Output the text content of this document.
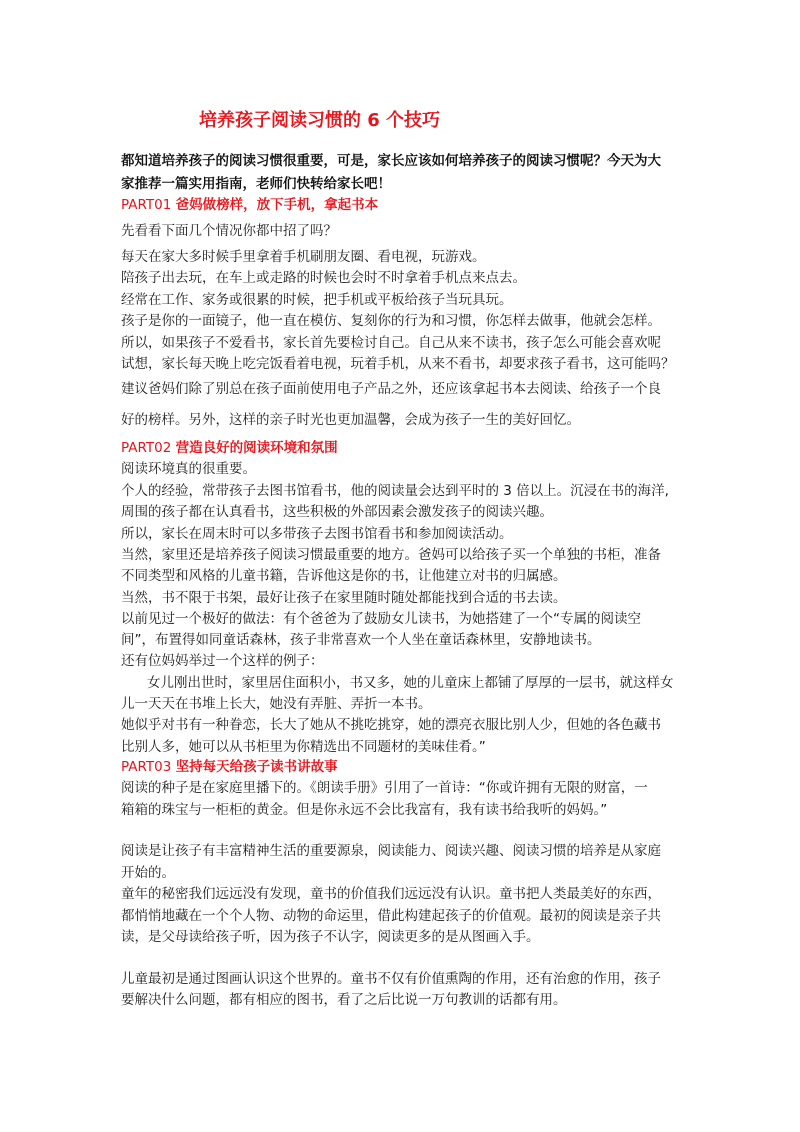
培养孩子阅读习惯的 6 个技巧
都知道培养孩子的阅读习惯很重要，可是，家长应该如何培养孩子的阅读习惯呢？今天为大
家推荐一篇实用指南，老师们快转给家长吧！
PART01 爸妈做榜样，放下手机，拿起书本
先看看下面几个情况你都中招了吗？
每天在家大多时候手里拿着手机刷朋友圈、看电视，玩游戏。
陪孩子出去玩，在车上或走路的时候也会时不时拿着手机点来点去。
经常在工作、家务或很累的时候，把手机或平板给孩子当玩具玩。
孩子是你的一面镜子，他一直在模仿、复刻你的行为和习惯，你怎样去做事，他就会怎样。
所以，如果孩子不爱看书，家长首先要检讨自己。自己从来不读书，孩子怎么可能会喜欢呢
试想，家长每天晚上吃完饭看着电视，玩着手机，从来不看书，却要求孩子看书，这可能吗？
建议爸妈们除了别总在孩子面前使用电子产品之外，还应该拿起书本去阅读、给孩子一个良
好的榜样。另外，这样的亲子时光也更加温馨，会成为孩子一生的美好回忆。
PART02 营造良好的阅读环境和氛围
阅读环境真的很重要。
个人的经验，常带孩子去图书馆看书，他的阅读量会达到平时的 3 倍以上。沉浸在书的海洋,
周围的孩子都在认真看书，这些积极的外部因素会激发孩子的阅读兴趣。
所以，家长在周末时可以多带孩子去图书馆看书和参加阅读活动。
当然，家里还是培养孩子阅读习惯最重要的地方。爸妈可以给孩子买一个单独的书柜，准备
不同类型和风格的儿童书籍，告诉他这是你的书，让他建立对书的归属感。
当然，书不限于书架，最好让孩子在家里随时随处都能找到合适的书去读。
以前见过一个极好的做法：有个爸爸为了鼓励女儿读书，为她搭建了一个“专属的阅读空
间”，布置得如同童话森林，孩子非常喜欢一个人坐在童话森林里，安静地读书。
还有位妈妈举过一个这样的例子：
女儿刚出世时，家里居住面积小，书又多，她的儿童床上都铺了厚厚的一层书，就这样女
儿一天天在书堆上长大，她没有弄脏、弄折一本书。
她似乎对书有一种眷恋，长大了她从不挑吃挑穿，她的漂亮衣服比别人少，但她的各色藏书
比别人多，她可以从书柜里为你精选出不同题材的美味佳肴。”
PART03 坚持每天给孩子读书讲故事
阅读的种子是在家庭里播下的。《朗读手册》引用了一首诗：“你或许拥有无限的财富，一
箱箱的珠宝与一柜柜的黄金。但是你永远不会比我富有，我有读书给我听的妈妈。”
阅读是让孩子有丰富精神生活的重要源泉，阅读能力、阅读兴趣、阅读习惯的培养是从家庭
开始的。
童年的秘密我们远远没有发现，童书的价值我们远远没有认识。童书把人类最美好的东西，
都悄悄地藏在一个个人物、动物的命运里，借此构建起孩子的价值观。最初的阅读是亲子共
读，是父母读给孩子听，因为孩子不认字，阅读更多的是从图画入手。
儿童最初是通过图画认识这个世界的。童书不仅有价值熏陶的作用，还有治愈的作用，孩子
要解决什么问题，都有相应的图书，看了之后比说一万句教训的话都有用。
